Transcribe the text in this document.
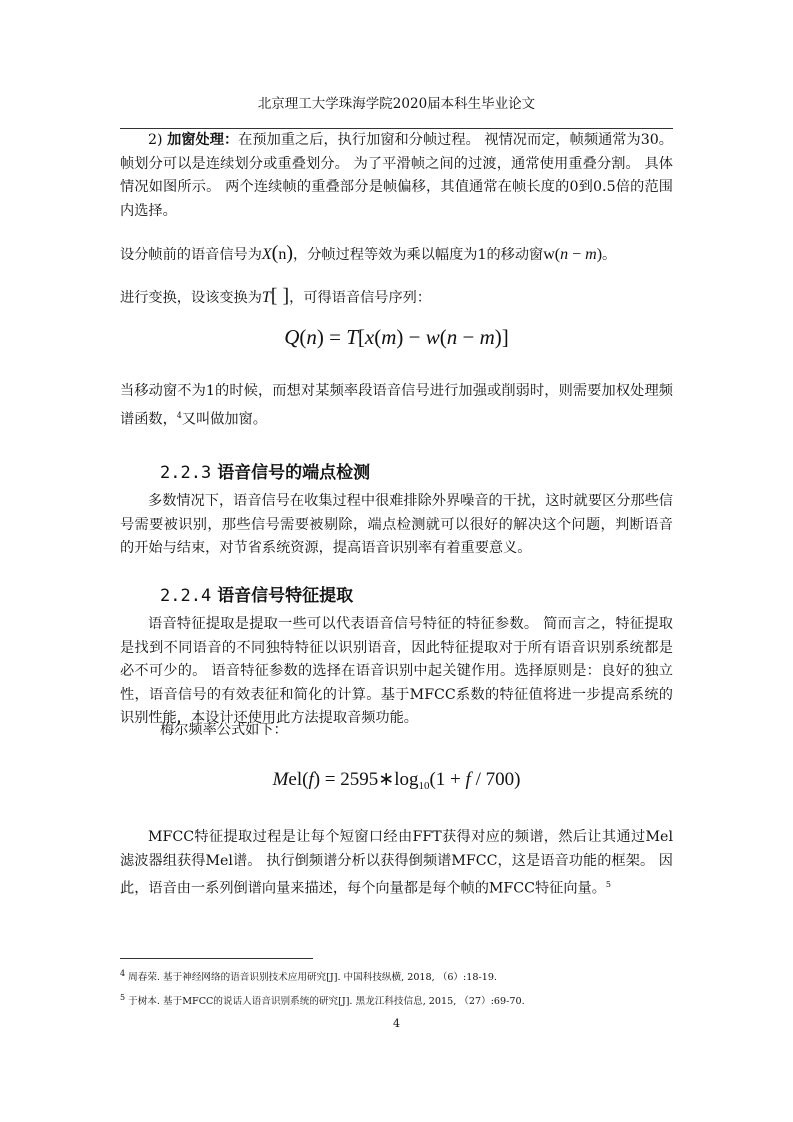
北京理工大学珠海学院2020届本科生毕业论文

2) 加窗处理：在预加重之后，执行加窗和分帧过程。 视情况而定，帧频通常为30。 帧划分可以是连续划分或重叠划分。 为了平滑帧之间的过渡，通常使用重叠分割。 具体情况如图所示。 两个连续帧的重叠部分是帧偏移，其值通常在帧长度的0到0.5倍的范围内选择。

设分帧前的语音信号为X(n)，分帧过程等效为乘以幅度为1的移动窗w(n − m)。

进行变换，设该变换为T[ ]，可得语音信号序列：

Q(n) = T[x(m) − w(n − m)]

当移动窗不为1的时候，而想对某频率段语音信号进行加强或削弱时，则需要加权处理频谱函数，$^4$又叫做加窗。

2.2.3 语音信号的端点检测

多数情况下，语音信号在收集过程中很难排除外界噪音的干扰，这时就要区分那些信号需要被识别，那些信号需要被剔除，端点检测就可以很好的解决这个问题，判断语音的开始与结束，对节省系统资源，提高语音识别率有着重要意义。

2.2.4 语音信号特征提取

语音特征提取是提取一些可以代表语音信号特征的特征参数。 简而言之，特征提取是找到不同语音的不同独特特征以识别语音，因此特征提取对于所有语音识别系统都是必不可少的。 语音特征参数的选择在语音识别中起关键作用。选择原则是：良好的独立性，语音信号的有效表征和简化的计算。基于MFCC系数的特征值将进一步提高系统的识别性能，本设计还使用此方法提取音频功能。

梅尔频率公式如下：

$Mel(f) = 2595∗\log_{10}(1 + f / 700)$

MFCC特征提取过程是让每个短窗口经由FFT获得对应的频谱，然后让其通过Mel滤波器组获得Mel谱。 执行倒频谱分析以获得倒频谱MFCC，这是语音功能的框架。 因此，语音由一系列倒谱向量来描述，每个向量都是每个帧的MFCC特征向量。$^5$

$^4$ 周春荣. 基于神经网络的语音识别技术应用研究[J]. 中国科技纵横, 2018, （6）:18-19.
$^5$ 于树本. 基于MFCC的说话人语音识别系统的研究[J]. 黑龙江科技信息, 2015, （27）:69-70.
4
